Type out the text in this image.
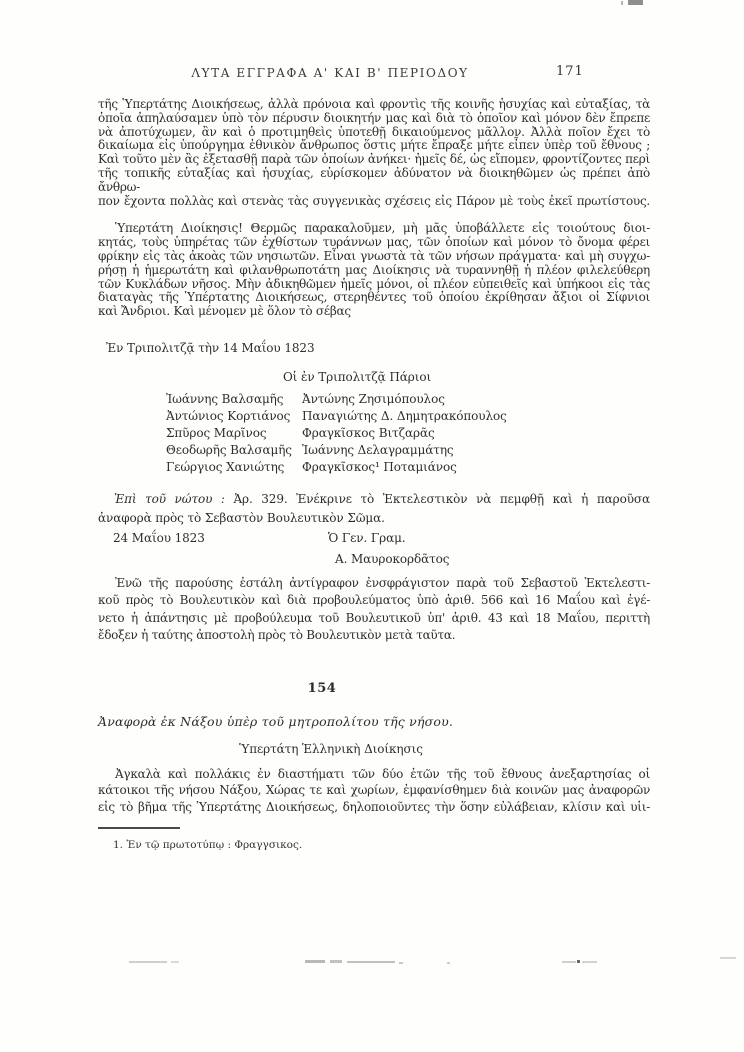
ΛΥΤΑ ΕΓΓΡΑΦΑ Α' ΚΑΙ Β' ΠΕΡΙΟΔΟΥ	171
τῆς Ὑπερτάτης Διοικήσεως, ἀλλὰ πρόνοια καὶ φροντὶς τῆς κοινῆς ἡσυχίας καὶ εὐταξίας, τὰ
ὁποῖα ἀπηλαύσαμεν ὑπὸ τὸν πέρυσιν διοικητήν μας καὶ διὰ τὸ ὁποῖον καὶ μόνον δὲν ἔπρεπε
νὰ ἀποτύχωμεν, ἂν καὶ ὁ προτιμηθεὶς ὑποτεθῇ δικαιούμενος μᾶλλον. Ἀλλὰ ποῖον ἔχει τὸ
δικαίωμα εἰς ὑπούργημα ἐθνικὸν ἄνθρωπος ὅστις μήτε ἔπραξε μήτε εἶπεν ὑπὲρ τοῦ ἔθνους ;
Καὶ τοῦτο μὲν ἂς ἐξετασθῇ παρὰ τῶν ὁποίων ἀνήκει· ἡμεῖς δέ, ὡς εἴπομεν, φροντίζοντες περὶ
τῆς τοπικῆς εὐταξίας καὶ ἡσυχίας, εὑρίσκομεν ἀδύνατον νὰ διοικηθῶμεν ὡς πρέπει ἀπὸ ἄνθρω-
πον ἔχοντα πολλὰς καὶ στενὰς τὰς συγγενικὰς σχέσεις εἰς Πάρον μὲ τοὺς ἐκεῖ πρωτίστους.
Ὑπερτάτη Διοίκησις! Θερμῶς παρακαλοῦμεν, μὴ μᾶς ὑποβάλλετε εἰς τοιούτους διοι-
κητάς, τοὺς ὑπηρέτας τῶν ἐχθίστων τυράννων μας, τῶν ὁποίων καὶ μόνον τὸ ὄνομα φέρει
φρίκην εἰς τὰς ἀκοὰς τῶν νησιωτῶν. Εἶναι γνωστὰ τὰ τῶν νήσων πράγματα· καὶ μὴ συγχω-
ρήσῃ ἡ ἡμερωτάτη καὶ φιλανθρωποτάτη μας Διοίκησις νὰ τυραννηθῇ ἡ πλέον φιλελεύθερη
τῶν Κυκλάδων νῆσος. Μὴν ἀδικηθῶμεν ἡμεῖς μόνοι, οἱ πλέον εὐπειθεῖς καὶ ὑπήκοοι εἰς τὰς
διαταγὰς τῆς Ὑπέρτατης Διοικήσεως, στερηθέντες τοῦ ὁποίου ἐκρίθησαν ἄξιοι οἱ Σίφνιοι
καὶ Ἄνδριοι. Καὶ μένομεν μὲ ὅλον τὸ σέβας
Ἐν Τριπολιτζᾷ τὴν 14 Μαΐου 1823
Οἱ ἐν Τριπολιτζᾷ Πάριοι
Ἰωάννης Βαλσαμῆς
Ἀντώνιος Κορτιάνος
Σπῦρος Μαρῖνος
Θεοδωρῆς Βαλσαμῆς
Γεώργιος Χανιώτης
Ἀντώνης Ζησιμόπουλος
Παναγιώτης Δ. Δημητρακόπουλος
Φραγκῖσκος Βιτζαρᾶς
Ἰωάννης Δελαγραμμάτης
Φραγκῖσκος¹ Ποταμιάνος
Ἐπὶ τοῦ νώτου : Ἀρ. 329. Ἐνέκρινε τὸ Ἐκτελεστικὸν νὰ πεμφθῇ καὶ ἡ παροῦσα
ἀναφορὰ πρὸς τὸ Σεβαστὸν Βουλευτικὸν Σῶμα.
24 Μαΐου 1823	Ὁ Γεν. Γραμ.
Α. Μαυροκορδᾶτος
Ἐνῶ τῆς παρούσης ἐστάλη ἀντίγραφον ἐνσφράγιστον παρὰ τοῦ Σεβαστοῦ Ἐκτελεστι-
κοῦ πρὸς τὸ Βουλευτικὸν καὶ διὰ προβουλεύματος ὑπὸ ἀριθ. 566 καὶ 16 Μαΐου καὶ ἐγέ-
νετο ἡ ἀπάντησις μὲ προβούλευμα τοῦ Βουλευτικοῦ ὑπ' ἀριθ. 43 καὶ 18 Μαΐου, περιττὴ
ἔδοξεν ἡ ταύτης ἀποστολὴ πρὸς τὸ Βουλευτικὸν μετὰ ταῦτα.
154
Ἀναφορὰ ἐκ Νάξου ὑπὲρ τοῦ μητροπολίτου τῆς νήσου.
Ὑπερτάτη Ἑλληνικὴ Διοίκησις
Ἀγκαλὰ καὶ πολλάκις ἐν διαστήματι τῶν δύο ἐτῶν τῆς τοῦ ἔθνους ἀνεξαρτησίας οἱ
κάτοικοι τῆς νήσου Νάξου, Χώρας τε καὶ χωρίων, ἐμφανίσθημεν διὰ κοινῶν μας ἀναφορῶν
εἰς τὸ βῆμα τῆς Ὑπερτάτης Διοικήσεως, δηλοποιοῦντες τὴν ὅσην εὐλάβειαν, κλίσιν καὶ υἱι-
1. Ἐν τῷ πρωτοτύπῳ : Φραγγσικος.
